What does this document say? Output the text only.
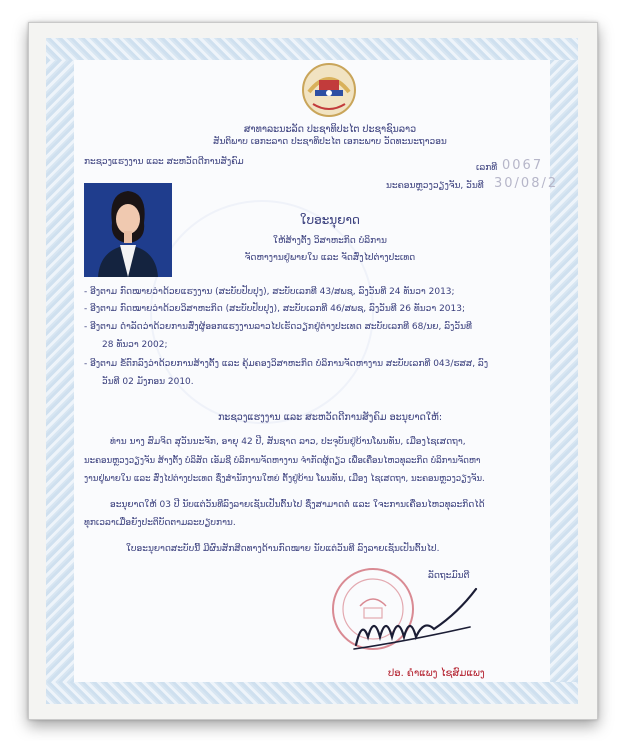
ສາທາລະນະລັດ ປະຊາທິປະໄຕ ປະຊາຊົນລາວ
ສັນຕິພາບ ເອກະລາດ ປະຊາທິປະໄຕ ເອກະພາບ ວັດທະນະຖາວອນ
ກະຊວງແຮງງານ ແລະ ສະຫວັດດີການສັງຄົມ
ເລກທີ 0067
ນະຄອນຫຼວງວຽງຈັນ, ວັນທີ 30/08/2
ໃບອະນຸຍາດ
ໃຫ້ສ້າງຕັ້ງ ວິສາຫະກິດ ບໍລິການ
ຈັດຫາງານຢູ່ພາຍໃນ ແລະ ຈັດສົ່ງໄປຕ່າງປະເທດ
- ອີງຕາມ ກົດໝາຍວ່າດ້ວຍແຮງງານ (ສະບັບປັບປຸງ), ສະບັບເລກທີ 43/ສພຊ, ລົງວັນທີ 24 ທັນວາ 2013;
- ອີງຕາມ ກົດໝາຍວ່າດ້ວຍວິສາຫະກິດ (ສະບັບປັບປຸງ), ສະບັບເລກທີ 46/ສພຊ, ລົງວັນທີ 26 ທັນວາ 2013;
- ອີງຕາມ ດຳລັດວ່າດ້ວຍການສົ່ງຜູ້ອອກແຮງງານລາວໄປເຮັດວຽກຢູ່ຕ່າງປະເທດ ສະບັບເລກທີ 68/ນຍ, ລົງວັນທີ
28 ທັນວາ 2002;
- ອີງຕາມ ຂໍ້ຕົກລົງວ່າດ້ວຍການສ້າງຕັ້ງ ແລະ ຄຸ້ມຄອງວິສາຫະກິດ ບໍລິການຈັດຫາງານ ສະບັບເລກທີ 043/ຮສສ, ລົງ
ວັນທີ 02 ມັງກອນ 2010.
ກະຊວງແຮງງານ ແລະ ສະຫວັດດີການສັງຄົມ ອະນຸຍາດໃຫ້:
ທ່ານ ນາງ ສົມຈິດ ສຸວັນນະຈັກ, ອາຍຸ 42 ປີ, ສັນຊາດ ລາວ, ປະຈຸບັນຢູ່ບ້ານໂພນທັນ, ເມືອງໄຊເສດຖາ,
ນະຄອນຫຼວງວຽງຈັນ ສ້າງຕັ້ງ ບໍລິສັດ ເອັມຊີ ບໍລິການຈັດຫາງານ ຈໍາກັດຜູ້ດຽວ ເພື່ອເຄື່ອນໄຫວທຸລະກິດ ບໍລິການຈັດຫາ
ງານຢູ່ພາຍໃນ ແລະ ສົ່ງໄປຕ່າງປະເທດ ຊຶ່ງສໍານັກງານໃຫຍ່ ຕັ້ງຢູ່ບ້ານ ໂພນທັນ, ເມືອງ ໄຊເສດຖາ, ນະຄອນຫຼວງວຽງຈັນ.
ອະນຸຍາດໃຫ້ 03 ປີ ນັບແຕ່ວັນທີລົງລາຍເຊັນເປັນຕົ້ນໄປ ຊຶ່ງສາມາດຕໍ່ ແລະ ໃຈະການເຄື່ອນໄຫວທຸລະກິດໄດ້
ທຸກເວລາເມື່ອຍັງປະຕິບັດຕາມລະບຽບການ.
ໃບອະນຸຍາດສະບັບນີ້ ມີຜົນສັກສິດທາງດ້ານກົດໝາຍ ນັບແຕ່ວັນທີ ລົງລາຍເຊັນເປັນຕົ້ນໄປ.
ລັດຖະມົນຕີ
ປອ. ຄໍາແພງ ໄຊສົມແພງ
